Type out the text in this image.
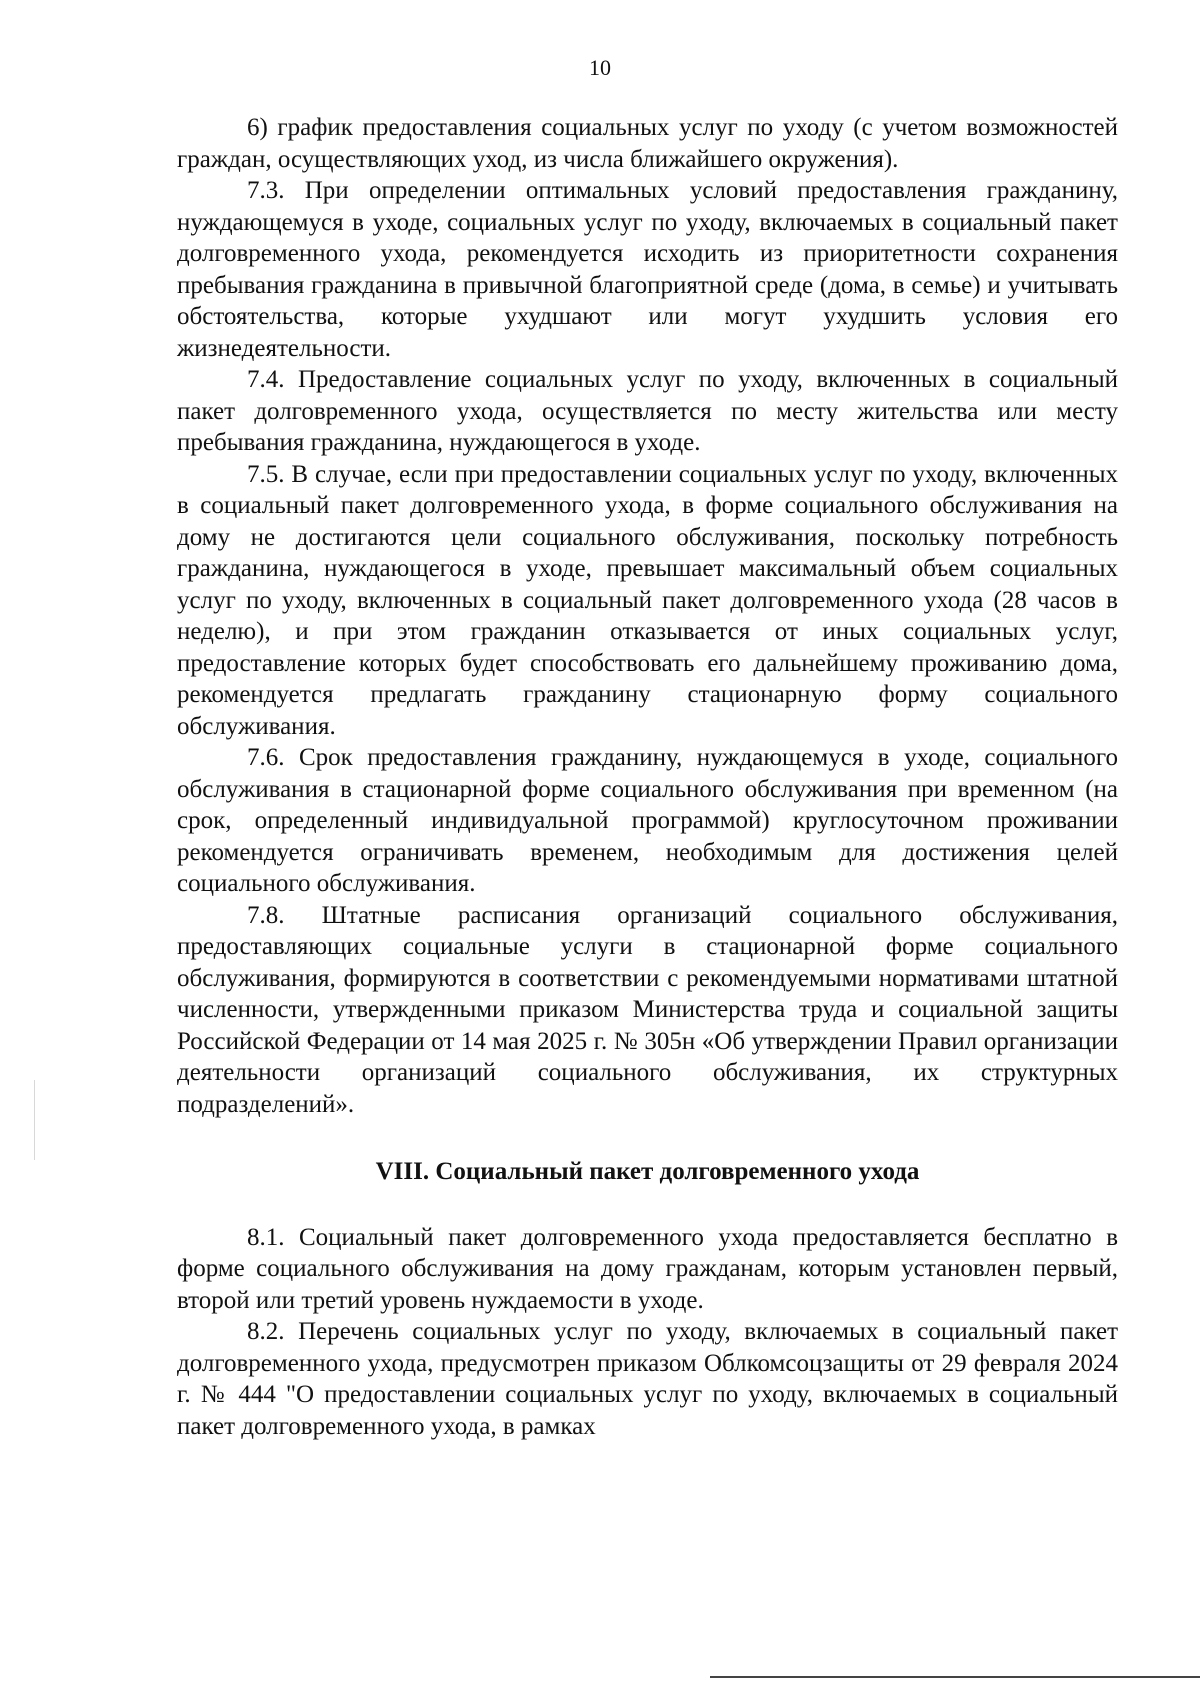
10

6) график предоставления социальных услуг по уходу (с учетом возможностей граждан, осуществляющих уход, из числа ближайшего окружения).

7.3. При определении оптимальных условий предоставления гражданину, нуждающемуся в уходе, социальных услуг по уходу, включаемых в социальный пакет долговременного ухода, рекомендуется исходить из приоритетности сохранения пребывания гражданина в привычной благоприятной среде (дома, в семье) и учитывать обстоятельства, которые ухудшают или могут ухудшить условия его жизнедеятельности.

7.4. Предоставление социальных услуг по уходу, включенных в социальный пакет долговременного ухода, осуществляется по месту жительства или месту пребывания гражданина, нуждающегося в уходе.

7.5. В случае, если при предоставлении социальных услуг по уходу, включенных в социальный пакет долговременного ухода, в форме социального обслуживания на дому не достигаются цели социального обслуживания, поскольку потребность гражданина, нуждающегося в уходе, превышает максимальный объем социальных услуг по уходу, включенных в социальный пакет долговременного ухода (28 часов в неделю), и при этом гражданин отказывается от иных социальных услуг, предоставление которых будет способствовать его дальнейшему проживанию дома, рекомендуется предлагать гражданину стационарную форму социального обслуживания.

7.6. Срок предоставления гражданину, нуждающемуся в уходе, социального обслуживания в стационарной форме социального обслуживания при временном (на срок, определенный индивидуальной программой) круглосуточном проживании рекомендуется ограничивать временем, необходимым для достижения целей социального обслуживания.

7.8. Штатные расписания организаций социального обслуживания, предоставляющих социальные услуги в стационарной форме социального обслуживания, формируются в соответствии с рекомендуемыми нормативами штатной численности, утвержденными приказом Министерства труда и социальной защиты Российской Федерации от 14 мая 2025 г. № 305н «Об утверждении Правил организации деятельности организаций социального обслуживания, их структурных подразделений».

VIII. Социальный пакет долговременного ухода

8.1. Социальный пакет долговременного ухода предоставляется бесплатно в форме социального обслуживания на дому гражданам, которым установлен первый, второй или третий уровень нуждаемости в уходе.

8.2. Перечень социальных услуг по уходу, включаемых в социальный пакет долговременного ухода, предусмотрен приказом Облкомсоцзащиты от 29 февраля 2024 г. № 444 "О предоставлении социальных услуг по уходу, включаемых в социальный пакет долговременного ухода, в рамках
